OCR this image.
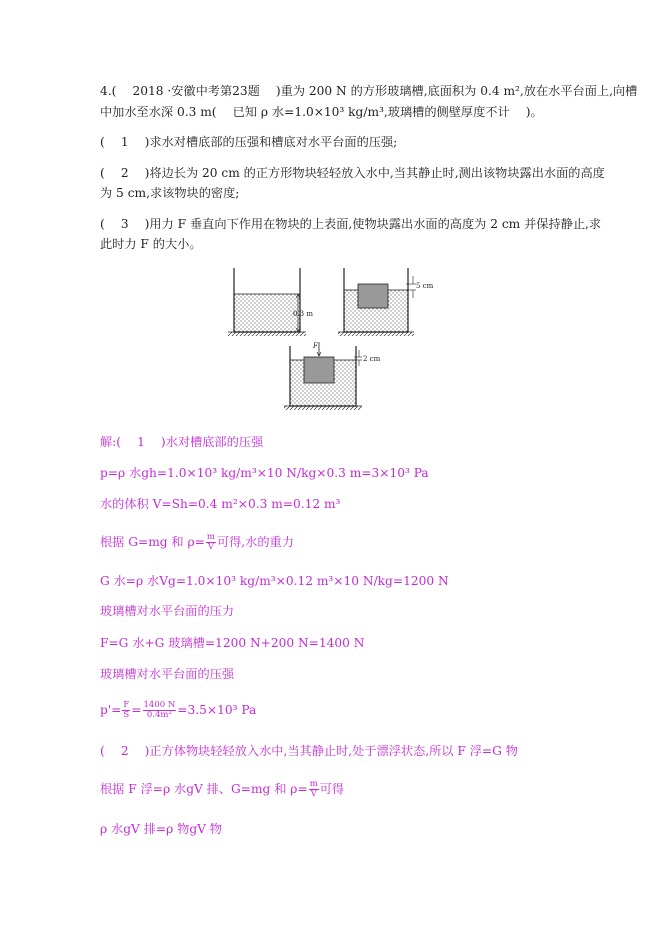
4.(　 2018 ·安徽中考第23题 　)重为 200 N 的方形玻璃槽,底面积为 0.4 m²,放在水平台面上,向槽
中加水至水深 0.3 m(　 已知 ρ 水=1.0×10³ kg/m³,玻璃槽的侧壁厚度不计 　)。
(　 1 　)求水对槽底部的压强和槽底对水平台面的压强;
(　 2 　)将边长为 20 cm 的正方形物块轻轻放入水中,当其静止时,测出该物块露出水面的高度
为 5 cm,求该物块的密度;
(　 3 　)用力 F 垂直向下作用在物块的上表面,使物块露出水面的高度为 2 cm 并保持静止,求
此时力 F 的大小。
0.3 m
5 cm
F
2 cm
解:(　 1 　)水对槽底部的压强
p=ρ 水gh=1.0×10³ kg/m³×10 N/kg×0.3 m=3×10³ Pa
水的体积 V=Sh=0.4 m²×0.3 m=0.12 m³
根据 G=mg 和 $\rho= \frac{m}{V}$ 可得,水的重力
G 水=ρ 水Vg=1.0×10³ kg/m³×0.12 m³×10 N/kg=1200 N
玻璃槽对水平台面的压力
F=G 水+G 玻璃槽=1200 N+200 N=1400 N
玻璃槽对水平台面的压强
$p'= \frac{F}{S} = \frac{1400 N}{\text{0.4m²}} =3.5\times 10^3$ Pa
(　 2 　)正方体物块轻轻放入水中,当其静止时,处于漂浮状态,所以 F 浮=G 物
根据 F 浮=ρ 水gV 排、G=mg 和 $\rho= \frac{m}{V}$ 可得
ρ 水gV 排=ρ 物gV 物
